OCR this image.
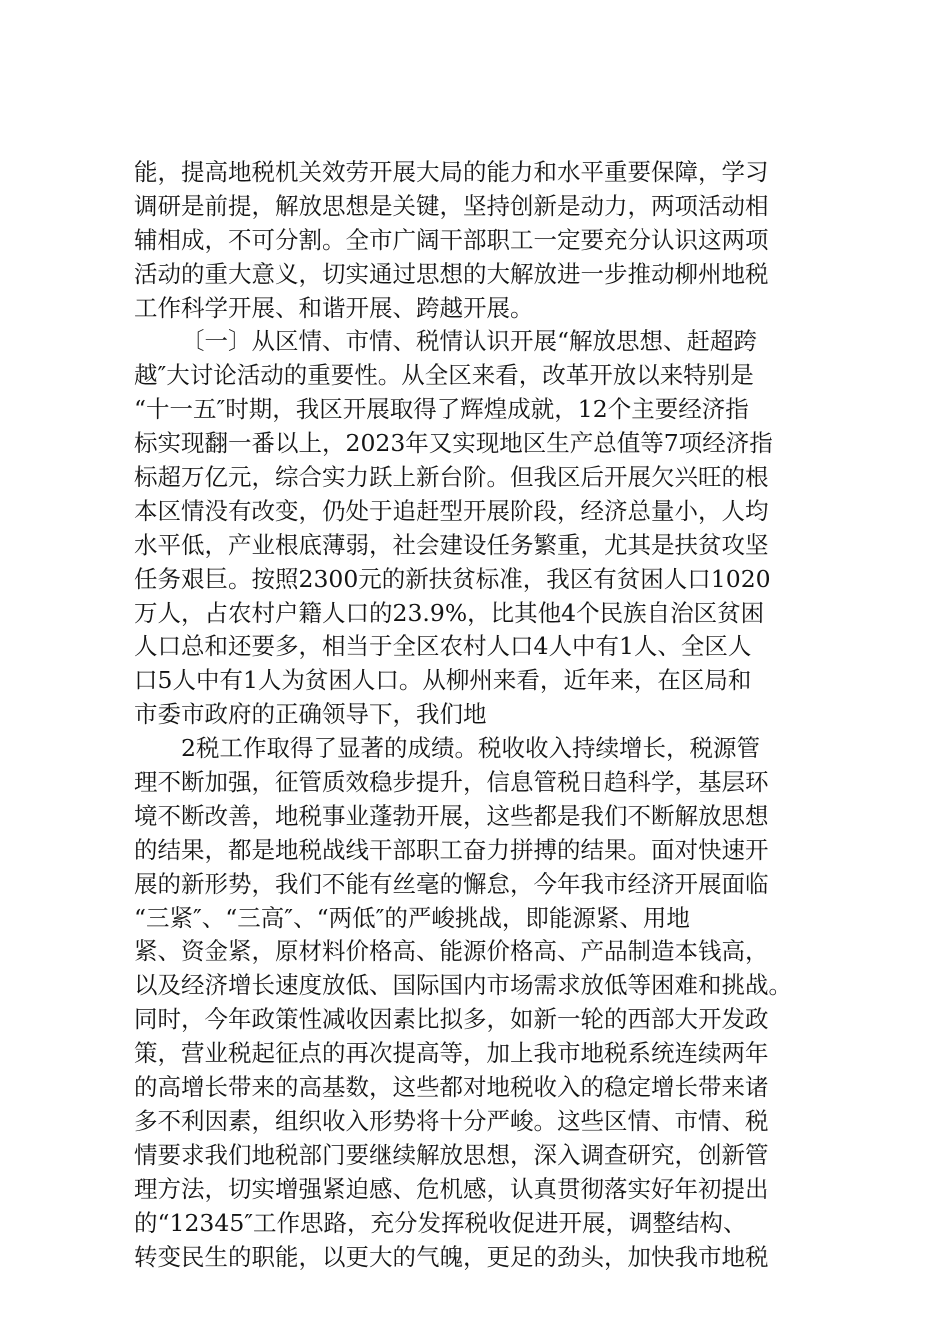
能，提高地税机关效劳开展大局的能力和水平重要保障，学习
调研是前提，解放思想是关键，坚持创新是动力，两项活动相
辅相成，不可分割。全市广阔干部职工一定要充分认识这两项
活动的重大意义，切实通过思想的大解放进一步推动柳州地税
工作科学开展、和谐开展、跨越开展。
〔一〕从区情、市情、税情认识开展“解放思想、赶超跨
越″大讨论活动的重要性。从全区来看，改革开放以来特别是
“十一五″时期，我区开展取得了辉煌成就，12个主要经济指
标实现翻一番以上，2023年又实现地区生产总值等7项经济指
标超万亿元，综合实力跃上新台阶。但我区后开展欠兴旺的根
本区情没有改变，仍处于追赶型开展阶段，经济总量小，人均
水平低，产业根底薄弱，社会建设任务繁重，尤其是扶贫攻坚
任务艰巨。按照2300元的新扶贫标准，我区有贫困人口1020
万人，占农村户籍人口的23.9%，比其他4个民族自治区贫困
人口总和还要多，相当于全区农村人口4人中有1人、全区人
口5人中有1人为贫困人口。从柳州来看，近年来，在区局和
市委市政府的正确领导下，我们地
2税工作取得了显著的成绩。税收收入持续增长，税源管
理不断加强，征管质效稳步提升，信息管税日趋科学，基层环
境不断改善，地税事业蓬勃开展，这些都是我们不断解放思想
的结果，都是地税战线干部职工奋力拼搏的结果。面对快速开
展的新形势，我们不能有丝毫的懈怠，今年我市经济开展面临
“三紧″、“三高″、“两低″的严峻挑战，即能源紧、用地
紧、资金紧，原材料价格高、能源价格高、产品制造本钱高，
以及经济增长速度放低、国际国内市场需求放低等困难和挑战。
同时，今年政策性减收因素比拟多，如新一轮的西部大开发政
策，营业税起征点的再次提高等，加上我市地税系统连续两年
的高增长带来的高基数，这些都对地税收入的稳定增长带来诸
多不利因素，组织收入形势将十分严峻。这些区情、市情、税
情要求我们地税部门要继续解放思想，深入调查研究，创新管
理方法，切实增强紧迫感、危机感，认真贯彻落实好年初提出
的“12345″工作思路，充分发挥税收促进开展，调整结构、
转变民生的职能，以更大的气魄，更足的劲头，加快我市地税
